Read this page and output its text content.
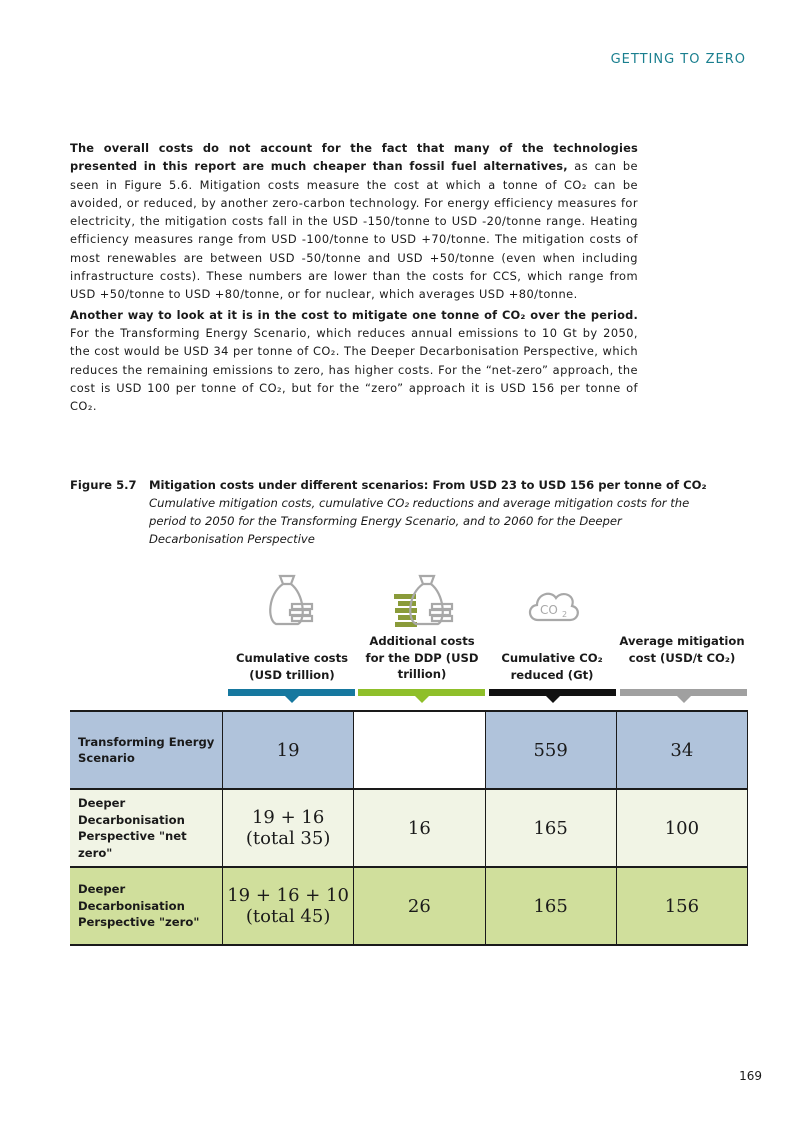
GETTING TO ZERO

The overall costs do not account for the fact that many of the technologies presented in this report are much cheaper than fossil fuel alternatives, as can be seen in Figure 5.6. Mitigation costs measure the cost at which a tonne of CO₂ can be avoided, or reduced, by another zero-carbon technology. For energy efficiency measures for electricity, the mitigation costs fall in the USD -150/tonne to USD -20/tonne range. Heating efficiency measures range from USD -100/tonne to USD +70/tonne. The mitigation costs of most renewables are between USD -50/tonne and USD +50/tonne (even when including infrastructure costs). These numbers are lower than the costs for CCS, which range from USD +50/tonne to USD +80/tonne, or for nuclear, which averages USD +80/tonne.

Another way to look at it is in the cost to mitigate one tonne of CO₂ over the period. For the Transforming Energy Scenario, which reduces annual emissions to 10 Gt by 2050, the cost would be USD 34 per tonne of CO₂. The Deeper Decarbonisation Perspective, which reduces the remaining emissions to zero, has higher costs. For the “net-zero” approach, the cost is USD 100 per tonne of CO₂, but for the “zero” approach it is USD 156 per tonne of CO₂.

Figure 5.7 Mitigation costs under different scenarios: From USD 23 to USD 156 per tonne of CO₂
Cumulative mitigation costs, cumulative CO₂ reductions and average mitigation costs for the period to 2050 for the Transforming Energy Scenario, and to 2060 for the Deeper Decarbonisation Perspective
CO 2
Cumulative costs (USD trillion)
Additional costs for the DDP (USD trillion)
Cumulative CO₂ reduced (Gt)
Average mitigation cost (USD/t CO₂)
Transforming Energy Scenario	19		559	34
Deeper Decarbonisation Perspective "net zero"	19 + 16
(total 35)	16	165	100
Deeper Decarbonisation Perspective "zero"	19 + 16 + 10
(total 45)	26	165	156
169
